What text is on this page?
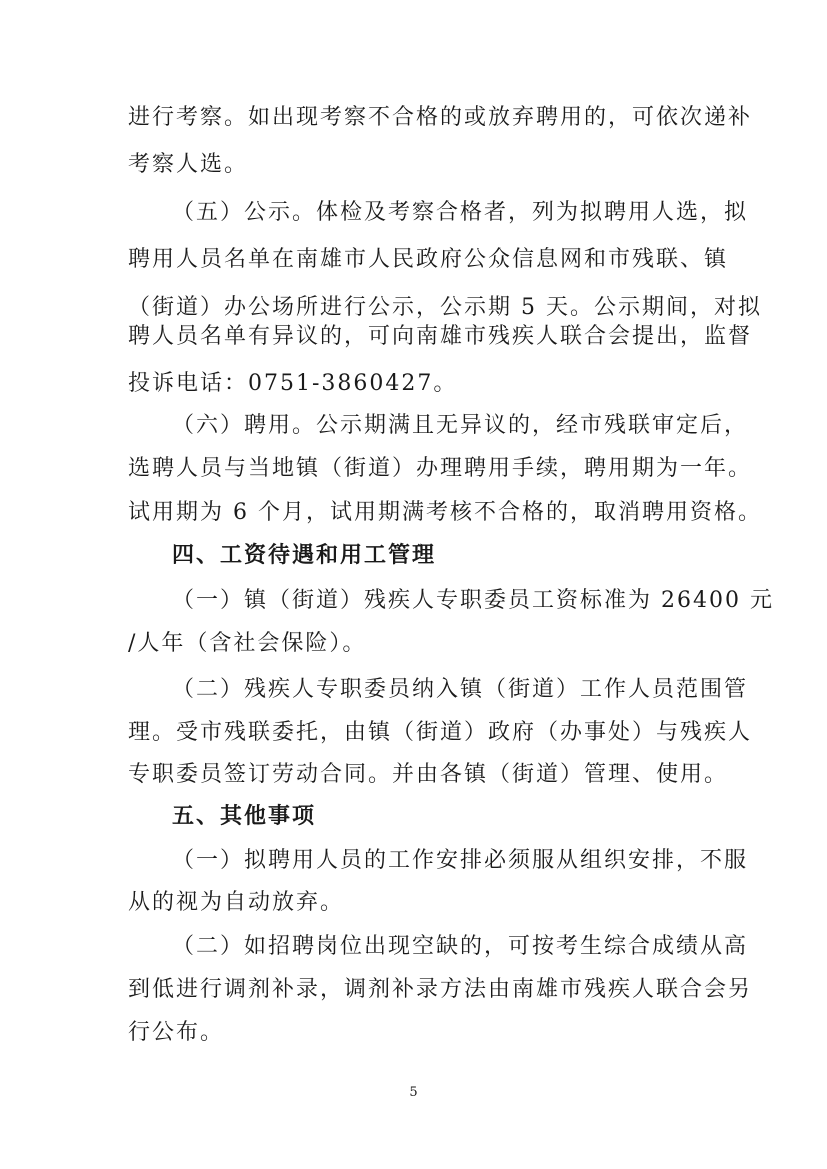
进行考察。如出现考察不合格的或放弃聘用的，可依次递补
考察人选。
（五）公示。体检及考察合格者，列为拟聘用人选，拟
聘用人员名单在南雄市人民政府公众信息网和市残联、镇
（街道）办公场所进行公示，公示期 5 天。公示期间，对拟
聘人员名单有异议的，可向南雄市残疾人联合会提出，监督
投诉电话：0751-3860427。
（六）聘用。公示期满且无异议的，经市残联审定后，
选聘人员与当地镇（街道）办理聘用手续，聘用期为一年。
试用期为 6 个月，试用期满考核不合格的，取消聘用资格。
四、工资待遇和用工管理
（一）镇（街道）残疾人专职委员工资标准为 26400 元
/人年（含社会保险）。
（二）残疾人专职委员纳入镇（街道）工作人员范围管
理。受市残联委托，由镇（街道）政府（办事处）与残疾人
专职委员签订劳动合同。并由各镇（街道）管理、使用。
五、其他事项
（一）拟聘用人员的工作安排必须服从组织安排，不服
从的视为自动放弃。
（二）如招聘岗位出现空缺的，可按考生综合成绩从高
到低进行调剂补录，调剂补录方法由南雄市残疾人联合会另
行公布。
5
